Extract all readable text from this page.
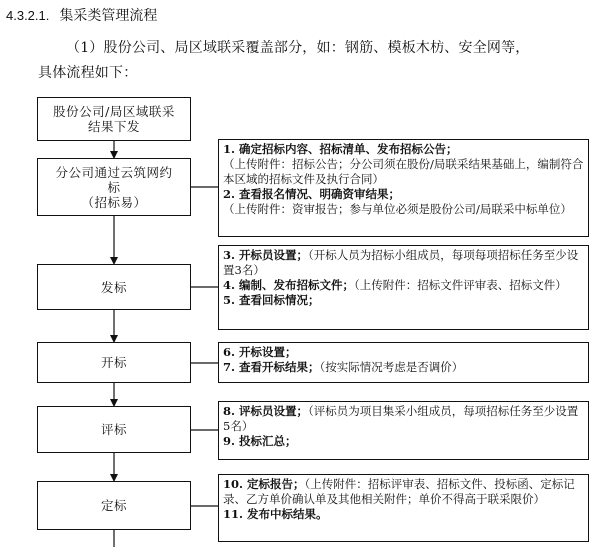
4.3.2.1. 集采类管理流程
（1）股份公司、局区域联采覆盖部分，如：钢筋、模板木枋、安全网等，
具体流程如下：
股份公司/局区域联采
结果下发
分公司通过云筑网约
标
（招标易）
发标
开标
评标
定标
1. 确定招标内容、招标清单、发布招标公告；
（上传附件：招标公告；分公司须在股份/局联采结果基础上，编制符合本区域的招标文件及执行合同）
2. 查看报名情况、明确资审结果；
（上传附件：资审报告；参与单位必须是股份公司/局联采中标单位）
3. 开标员设置；（开标人员为招标小组成员，每项每项招标任务至少设置3名）
4. 编制、发布招标文件；（上传附件：招标文件评审表、招标文件）
5. 查看回标情况；
6. 开标设置；
7. 查看开标结果；（按实际情况考虑是否调价）
8. 评标员设置；（评标员为项目集采小组成员，每项招标任务至少设置5名）
9. 投标汇总；
10. 定标报告；（上传附件：招标评审表、招标文件、投标函、定标记录、乙方单价确认单及其他相关附件；单价不得高于联采限价）
11. 发布中标结果。
